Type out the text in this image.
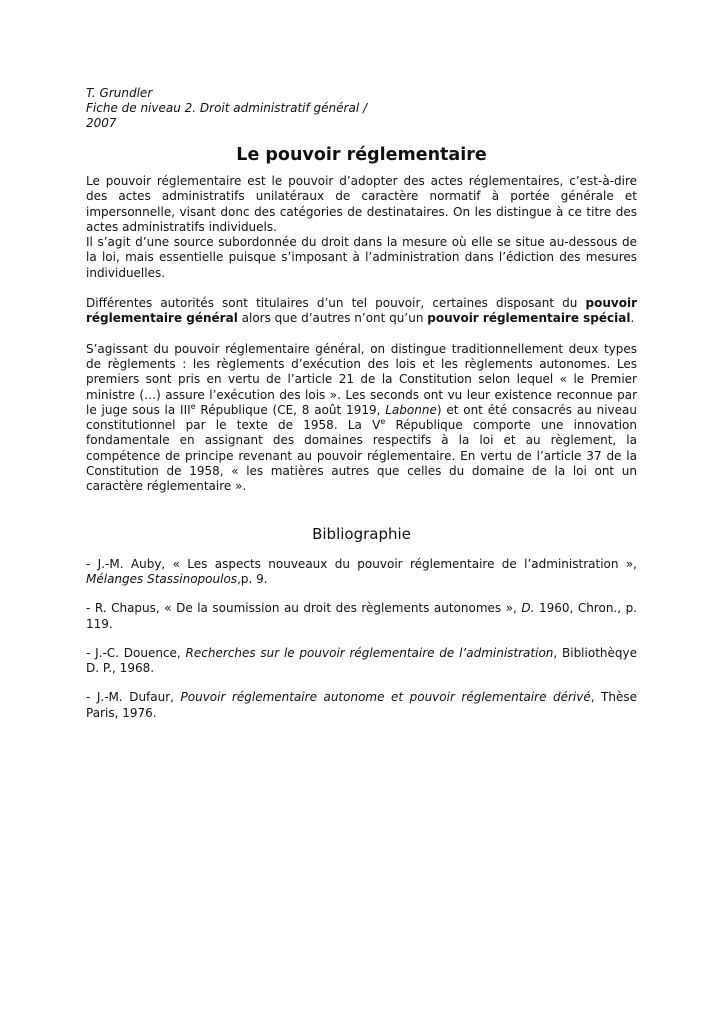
T. Grundler
Fiche de niveau 2. Droit administratif général /
2007
Le pouvoir réglementaire
Le pouvoir réglementaire est le pouvoir d’adopter des actes réglementaires, c’est-à-dire des actes administratifs unilatéraux de caractère normatif à portée générale et impersonnelle, visant donc des catégories de destinataires. On les distingue à ce titre des actes administratifs individuels.
Il s’agit d’une source subordonnée du droit dans la mesure où elle se situe au-dessous de la loi, mais essentielle puisque s’imposant à l’administration dans l’édiction des mesures individuelles.
Différentes autorités sont titulaires d’un tel pouvoir, certaines disposant du pouvoir réglementaire général alors que d’autres n’ont qu’un pouvoir réglementaire spécial.
S’agissant du pouvoir réglementaire général, on distingue traditionnellement deux types de règlements : les règlements d’exécution des lois et les règlements autonomes. Les premiers sont pris en vertu de l’article 21 de la Constitution selon lequel « le Premier ministre (…) assure l’exécution des lois ». Les seconds ont vu leur existence reconnue par le juge sous la IIIe République (CE, 8 août 1919, Labonne) et ont été consacrés au niveau constitutionnel par le texte de 1958. La Ve République comporte une innovation fondamentale en assignant des domaines respectifs à la loi et au règlement, la compétence de principe revenant au pouvoir réglementaire. En vertu de l’article 37 de la Constitution de 1958, « les matières autres que celles du domaine de la loi ont un caractère réglementaire ».
Bibliographie
- J.-M. Auby, « Les aspects nouveaux du pouvoir réglementaire de l’administration », Mélanges Stassinopoulos,p. 9.
- R. Chapus, « De la soumission au droit des règlements autonomes », D. 1960, Chron., p. 119.
- J.-C. Douence, Recherches sur le pouvoir réglementaire de l’administration, Bibliothèqye D. P., 1968.
- J.-M. Dufaur, Pouvoir réglementaire autonome et pouvoir réglementaire dérivé, Thèse Paris, 1976.
